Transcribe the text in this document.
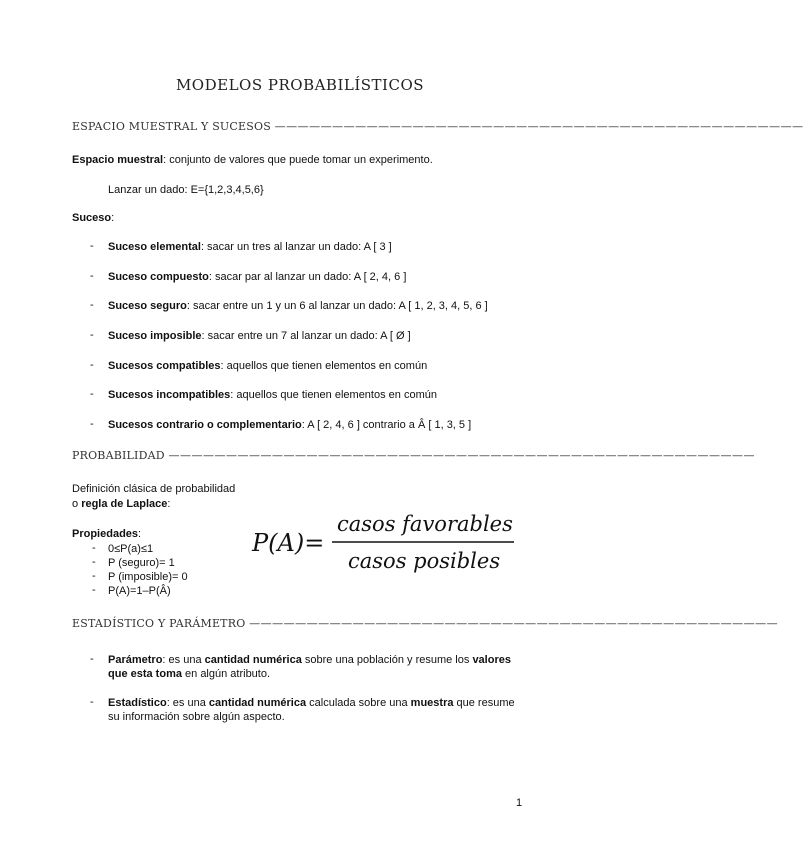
MODELOS PROBABILÍSTICOS
ESPACIO MUESTRAL Y SUCESOS ——————————————————————————————————————————————

Espacio muestral: conjunto de valores que puede tomar un experimento.

Lanzar un dado: E={1,2,3,4,5,6}

Suceso:

- Suceso elemental: sacar un tres al lanzar un dado: A [ 3 ]

- Suceso compuesto: sacar par al lanzar un dado: A [ 2, 4, 6 ]

- Suceso seguro: sacar entre un 1 y un 6 al lanzar un dado: A [ 1, 2, 3, 4, 5, 6 ]

- Suceso imposible: sacar entre un 7 al lanzar un dado: A [ Ø ]

- Sucesos compatibles: aquellos que tienen elementos en común

- Sucesos incompatibles: aquellos que tienen elementos en común

- Sucesos contrario o complementario: A [ 2, 4, 6 ] contrario a Â [ 1, 3, 5 ]

PROBABILIDAD ———————————————————————————————————————————————————

Definición clásica de probabilidad

o regla de Laplace:

Propiedades:

- 0≤P(a)≤1

- P (seguro)= 1

- P (imposible)= 0

- P(A)=1–P(Â)

P(A)=
casos favorables
casos posibles
ESTADÍSTICO Y PARÁMETRO ——————————————————————————————————————————————
- Parámetro: es una cantidad numérica sobre una población y resume los valores

que esta toma en algún atributo.

- Estadístico: es una cantidad numérica calculada sobre una muestra que resume

su información sobre algún aspecto.

1
